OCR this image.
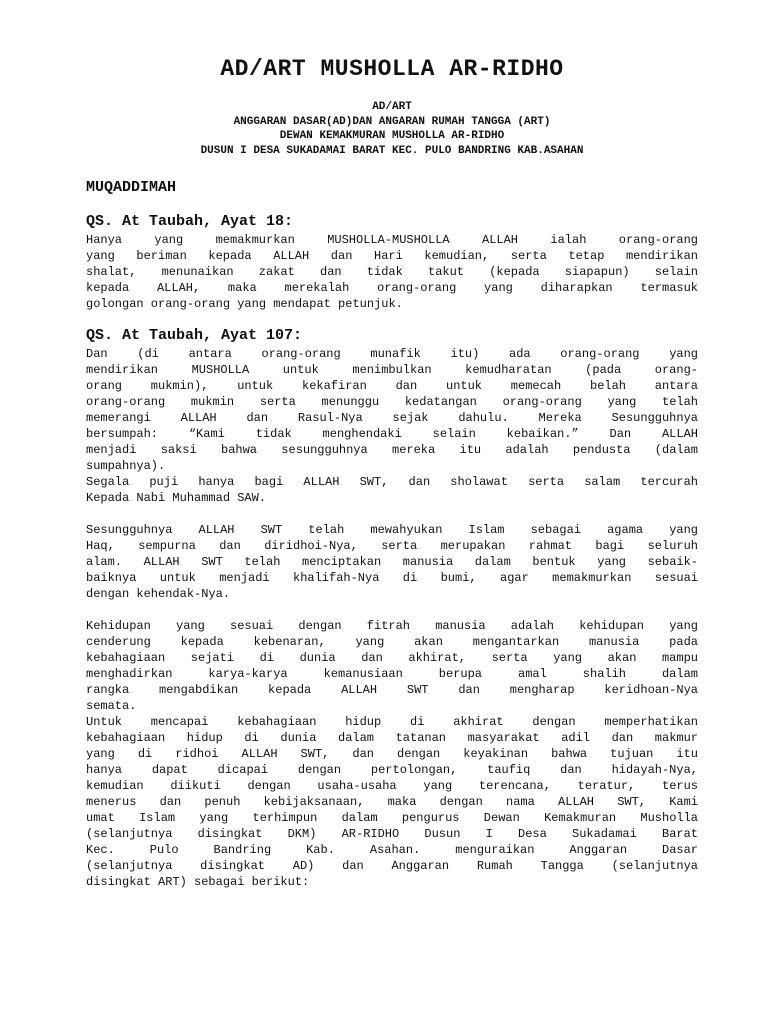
AD/ART MUSHOLLA AR-RIDHO
AD/ART
ANGGARAN DASAR(AD)DAN ANGARAN RUMAH TANGGA (ART)
DEWAN KEMAKMURAN MUSHOLLA AR-RIDHO
DUSUN I DESA SUKADAMAI BARAT KEC. PULO BANDRING KAB.ASAHAN
MUQADDIMAH
QS. At Taubah, Ayat 18:
Hanya yang memakmurkan MUSHOLLA-MUSHOLLA ALLAH ialah orang-orang
yang beriman kepada ALLAH dan Hari kemudian, serta tetap mendirikan
shalat, menunaikan zakat dan tidak takut (kepada siapapun) selain
kepada ALLAH, maka merekalah orang-orang yang diharapkan termasuk
golongan orang-orang yang mendapat petunjuk.
QS. At Taubah, Ayat 107:
Dan (di antara orang-orang munafik itu) ada orang-orang yang
mendirikan MUSHOLLA untuk menimbulkan kemudharatan (pada orang-
orang mukmin), untuk kekafiran dan untuk memecah belah antara
orang-orang mukmin serta menunggu kedatangan orang-orang yang telah
memerangi ALLAH dan Rasul-Nya sejak dahulu. Mereka Sesungguhnya
bersumpah: “Kami tidak menghendaki selain kebaikan.” Dan ALLAH
menjadi saksi bahwa sesungguhnya mereka itu adalah pendusta (dalam
sumpahnya).
Segala puji hanya bagi ALLAH SWT, dan sholawat serta salam tercurah
Kepada Nabi Muhammad SAW.
Sesungguhnya ALLAH SWT telah mewahyukan Islam sebagai agama yang
Haq, sempurna dan diridhoi-Nya, serta merupakan rahmat bagi seluruh
alam. ALLAH SWT telah menciptakan manusia dalam bentuk yang sebaik-
baiknya untuk menjadi khalifah-Nya di bumi, agar memakmurkan sesuai
dengan kehendak-Nya.
Kehidupan yang sesuai dengan fitrah manusia adalah kehidupan yang
cenderung kepada kebenaran, yang akan mengantarkan manusia pada
kebahagiaan sejati di dunia dan akhirat, serta yang akan mampu
menghadirkan karya-karya kemanusiaan berupa amal shalih dalam
rangka mengabdikan kepada ALLAH SWT dan mengharap keridhoan-Nya
semata.
Untuk mencapai kebahagiaan hidup di akhirat dengan memperhatikan
kebahagiaan hidup di dunia dalam tatanan masyarakat adil dan makmur
yang di ridhoi ALLAH SWT, dan dengan keyakinan bahwa tujuan itu
hanya dapat dicapai dengan pertolongan, taufiq dan hidayah-Nya,
kemudian diikuti dengan usaha-usaha yang terencana, teratur, terus
menerus dan penuh kebijaksanaan, maka dengan nama ALLAH SWT, Kami
umat Islam yang terhimpun dalam pengurus Dewan Kemakmuran Musholla
(selanjutnya disingkat DKM) AR-RIDHO Dusun I Desa Sukadamai Barat
Kec. Pulo Bandring Kab. Asahan. menguraikan Anggaran Dasar
(selanjutnya disingkat AD) dan Anggaran Rumah Tangga (selanjutnya
disingkat ART) sebagai berikut:
